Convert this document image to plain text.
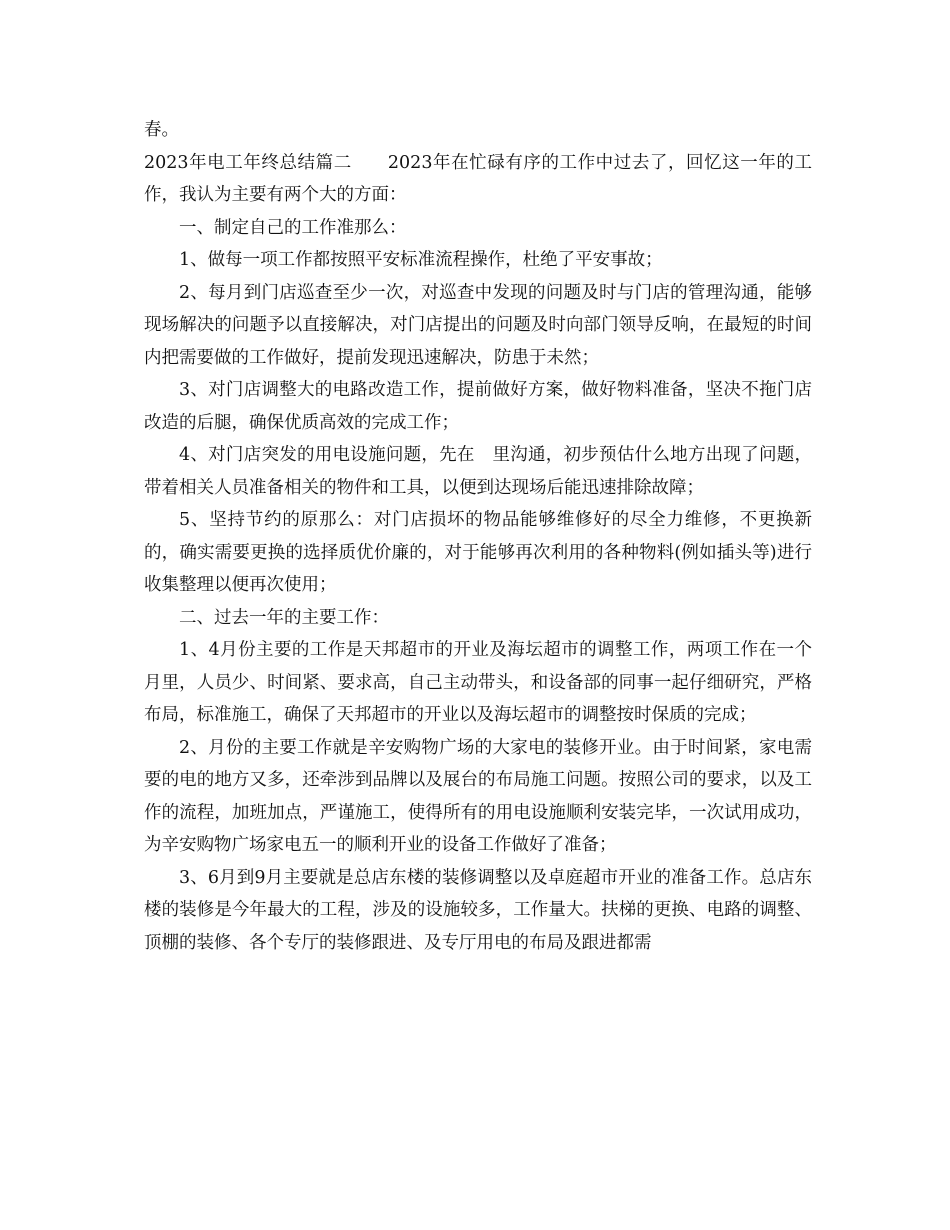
春。

2023年电工年终总结篇二　　2023年在忙碌有序的工作中过去了，回忆这一年的工作，我认为主要有两个大的方面：

一、制定自己的工作准那么：

1、做每一项工作都按照平安标准流程操作，杜绝了平安事故；

2、每月到门店巡查至少一次，对巡查中发现的问题及时与门店的管理沟通，能够现场解决的问题予以直接解决，对门店提出的问题及时向部门领导反响，在最短的时间内把需要做的工作做好，提前发现迅速解决，防患于未然；

3、对门店调整大的电路改造工作，提前做好方案，做好物料准备，坚决不拖门店改造的后腿，确保优质高效的完成工作；

4、对门店突发的用电设施问题，先在　里沟通，初步预估什么地方出现了问题，带着相关人员准备相关的物件和工具，以便到达现场后能迅速排除故障；

5、坚持节约的原那么：对门店损坏的物品能够维修好的尽全力维修，不更换新的，确实需要更换的选择质优价廉的，对于能够再次利用的各种物料(例如插头等)进行收集整理以便再次使用；

二、过去一年的主要工作：

1、4月份主要的工作是天邦超市的开业及海坛超市的调整工作，两项工作在一个月里，人员少、时间紧、要求高，自己主动带头，和设备部的同事一起仔细研究，严格布局，标准施工，确保了天邦超市的开业以及海坛超市的调整按时保质的完成；

2、月份的主要工作就是辛安购物广场的大家电的装修开业。由于时间紧，家电需要的电的地方又多，还牵涉到品牌以及展台的布局施工问题。按照公司的要求，以及工作的流程，加班加点，严谨施工，使得所有的用电设施顺利安装完毕，一次试用成功，为辛安购物广场家电五一的顺利开业的设备工作做好了准备；

3、6月到9月主要就是总店东楼的装修调整以及卓庭超市开业的准备工作。总店东楼的装修是今年最大的工程，涉及的设施较多，工作量大。扶梯的更换、电路的调整、顶棚的装修、各个专厅的装修跟进、及专厅用电的布局及跟进都需
